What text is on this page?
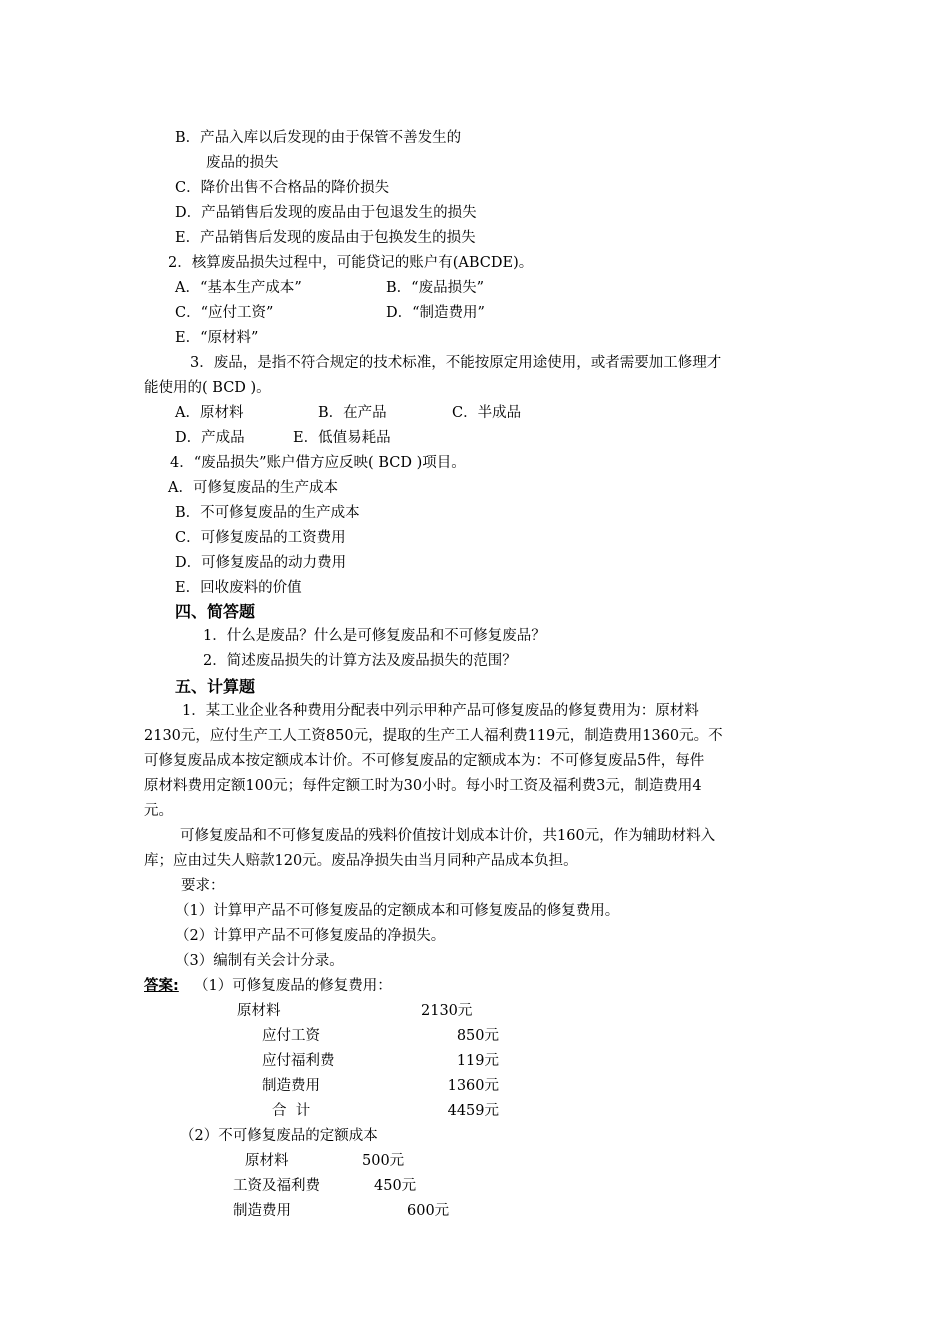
B．产品入库以后发现的由于保管不善发生的
废品的损失
C．降价出售不合格品的降价损失
D．产品销售后发现的废品由于包退发生的损失
E．产品销售后发现的废品由于包换发生的损失
2．核算废品损失过程中，可能贷记的账户有(ABCDE)。
A．“基本生产成本”	B．“废品损失”
C．“应付工资”	D．“制造费用”
E．“原材料”
3．废品，是指不符合规定的技术标准，不能按原定用途使用，或者需要加工修理才
能使用的( BCD )。
A．原材料	B．在产品	C．半成品
D．产成品	E．低值易耗品
4．“废品损失”账户借方应反映( BCD )项目。
A．可修复废品的生产成本
B．不可修复废品的生产成本
C．可修复废品的工资费用
D．可修复废品的动力费用
E．回收废料的价值
四、简答题
1．什么是废品？什么是可修复废品和不可修复废品？
2．简述废品损失的计算方法及废品损失的范围？
五、计算题
1．某工业企业各种费用分配表中列示甲种产品可修复废品的修复费用为：原材料
2130元，应付生产工人工资850元，提取的生产工人福利费119元，制造费用1360元。不
可修复废品成本按定额成本计价。不可修复废品的定额成本为：不可修复废品5件，每件
原材料费用定额100元；每件定额工时为30小时。每小时工资及福利费3元，制造费用4
元。
可修复废品和不可修复废品的残料价值按计划成本计价，共160元，作为辅助材料入
库；应由过失人赔款120元。废品净损失由当月同种产品成本负担。
要求：
（1）计算甲产品不可修复废品的定额成本和可修复废品的修复费用。
（2）计算甲产品不可修复废品的净损失。
（3）编制有关会计分录。
答案: （1）可修复废品的修复费用：
原材料	2130元
应付工资	850元
应付福利费	119元
制造费用	1360元
合  计	4459元
（2）不可修复废品的定额成本
原材料	500元
工资及福利费	450元
制造费用	600元
